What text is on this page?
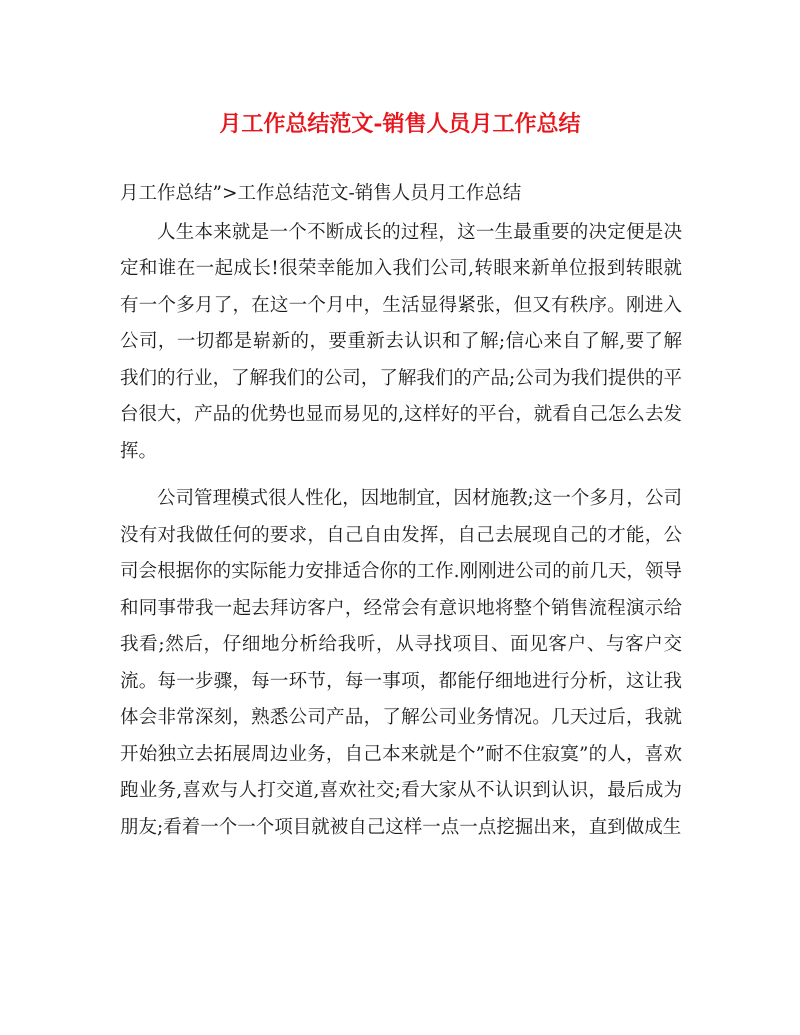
月工作总结范文-销售人员月工作总结
月工作总结”>工作总结范文-销售人员月工作总结

人生本来就是一个不断成长的过程，这一生最重要的决定便是决定和谁在一起成长!很荣幸能加入我们公司,转眼来新单位报到转眼就有一个多月了，在这一个月中，生活显得紧张，但又有秩序。刚进入公司，一切都是崭新的，要重新去认识和了解;信心来自了解,要了解我们的行业，了解我们的公司，了解我们的产品;公司为我们提供的平台很大，产品的优势也显而易见的,这样好的平台，就看自己怎么去发挥。

公司管理模式很人性化，因地制宜，因材施教;这一个多月，公司没有对我做任何的要求，自己自由发挥，自己去展现自己的才能，公司会根据你的实际能力安排适合你的工作.刚刚进公司的前几天，领导和同事带我一起去拜访客户，经常会有意识地将整个销售流程演示给我看;然后，仔细地分析给我听，从寻找项目、面见客户、与客户交流。每一步骤，每一环节，每一事项，都能仔细地进行分析，这让我体会非常深刻，熟悉公司产品，了解公司业务情况。几天过后，我就开始独立去拓展周边业务，自己本来就是个”耐不住寂寞”的人，喜欢跑业务,喜欢与人打交道,喜欢社交;看大家从不认识到认识，最后成为朋友;看着一个一个项目就被自己这样一点一点挖掘出来，直到做成生
